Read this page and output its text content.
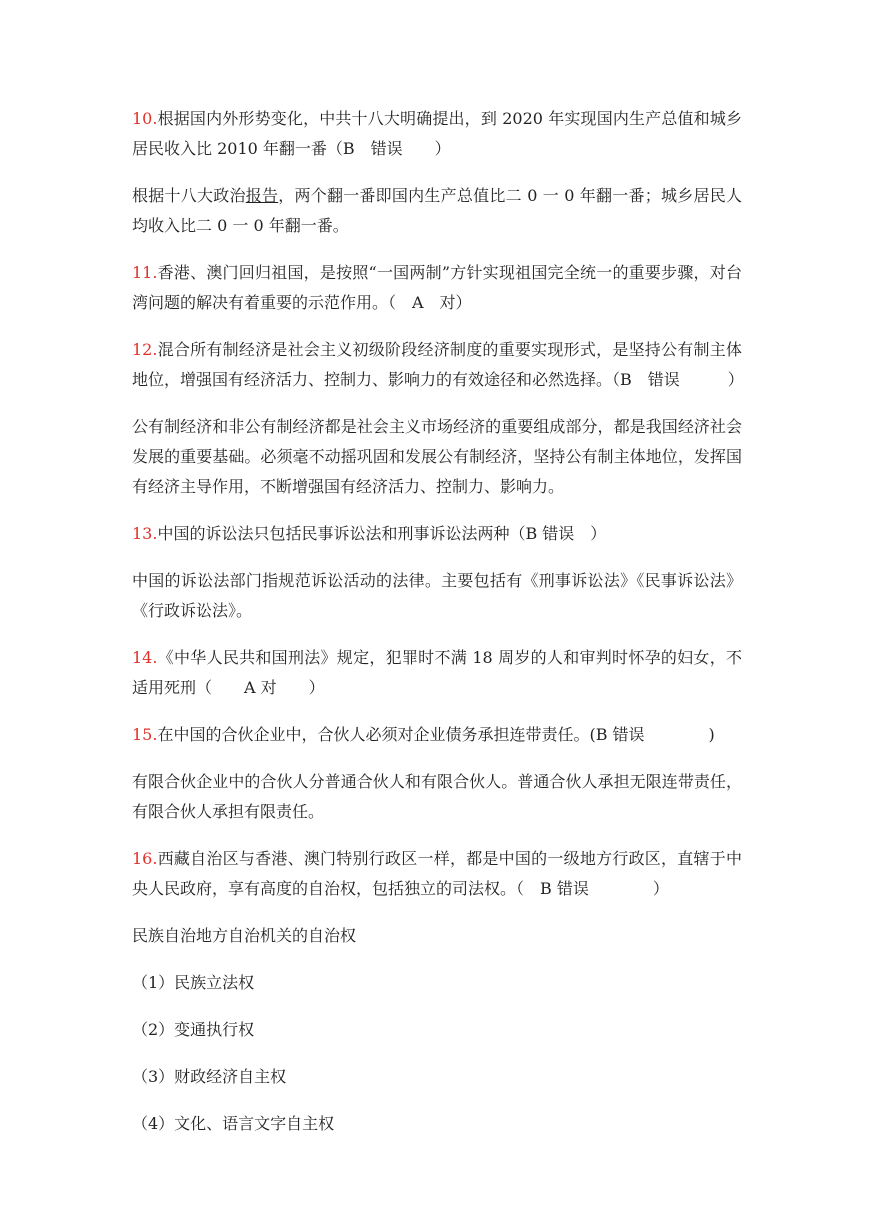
10.根据国内外形势变化，中共十八大明确提出，到 2020 年实现国内生产总值和城乡居民收入比 2010 年翻一番（B　错误　　）

根据十八大政治报告，两个翻一番即国内生产总值比二 0 一 0 年翻一番；城乡居民人均收入比二 0 一 0 年翻一番。

11.香港、澳门回归祖国，是按照“一国两制”方针实现祖国完全统一的重要步骤，对台湾问题的解决有着重要的示范作用。（　A　对）

12.混合所有制经济是社会主义初级阶段经济制度的重要实现形式，是坚持公有制主体地位，增强国有经济活力、控制力、影响力的有效途径和必然选择。（B　错误　　　）

公有制经济和非公有制经济都是社会主义市场经济的重要组成部分，都是我国经济社会发展的重要基础。必须毫不动摇巩固和发展公有制经济，坚持公有制主体地位，发挥国有经济主导作用，不断增强国有经济活力、控制力、影响力。

13.中国的诉讼法只包括民事诉讼法和刑事诉讼法两种（B 错误　）

中国的诉讼法部门指规范诉讼活动的法律。主要包括有《刑事诉讼法》《民事诉讼法》《行政诉讼法》。

14.《中华人民共和国刑法》规定，犯罪时不满 18 周岁的人和审判时怀孕的妇女，不适用死刑（　　A 对　　）

15.在中国的合伙企业中，合伙人必须对企业债务承担连带责任。(B 错误　　　　)

有限合伙企业中的合伙人分普通合伙人和有限合伙人。普通合伙人承担无限连带责任，有限合伙人承担有限责任。

16.西藏自治区与香港、澳门特别行政区一样，都是中国的一级地方行政区，直辖于中央人民政府，享有高度的自治权，包括独立的司法权。（　B 错误　　　　）

民族自治地方自治机关的自治权

（1）民族立法权
（2）变通执行权
（3）财政经济自主权
（4）文化、语言文字自主权
